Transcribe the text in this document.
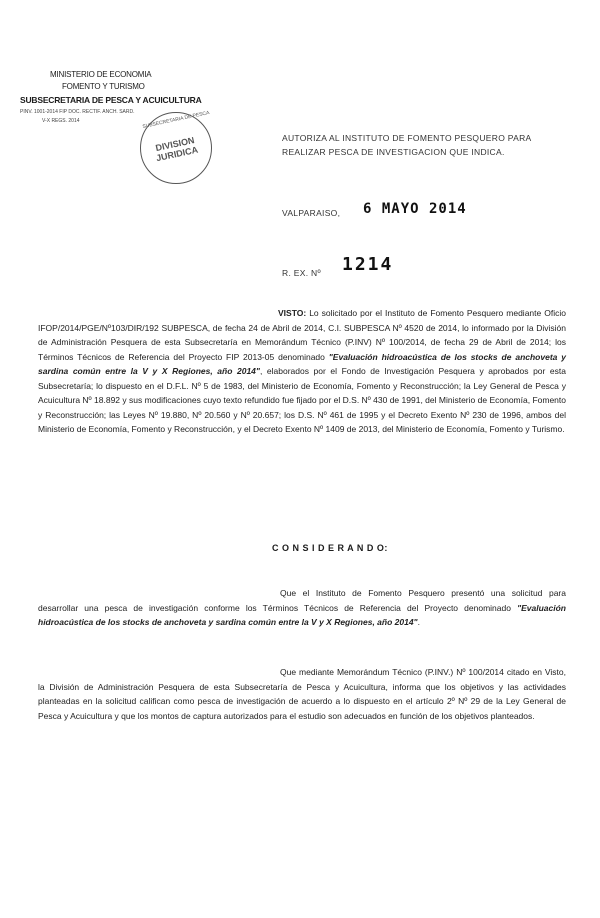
MINISTERIO DE ECONOMIA
FOMENTO Y TURISMO
SUBSECRETARIA DE PESCA Y ACUICULTURA
PINV. 1001-2014 FIP DOC. RECTIF. ANCH. SARD.
V-X REGS. 2014
DIVISION JURIDICA
SUBSECRETARIA DE PESCA
AUTORIZA AL INSTITUTO DE FOMENTO PESQUERO PARA
REALIZAR PESCA DE INVESTIGACION QUE INDICA.
VALPARAISO, 6 MAYO 2014
R. EX. Nº 1214
VISTO: Lo solicitado por el Instituto de Fomento Pesquero mediante Oficio IFOP/2014/PGE/Nº103/DIR/192 SUBPESCA, de fecha 24 de Abril de 2014, C.I. SUBPESCA Nº 4520 de 2014, lo informado por la División de Administración Pesquera de esta Subsecretaría en Memorándum Técnico (P.INV) Nº 100/2014, de fecha 29 de Abril de 2014; los Términos Técnicos de Referencia del Proyecto FIP 2013-05 denominado "Evaluación hidroacústica de los stocks de anchoveta y sardina común entre la V y X Regiones, año 2014", elaborados por el Fondo de Investigación Pesquera y aprobados por esta Subsecretaría; lo dispuesto en el D.F.L. Nº 5 de 1983, del Ministerio de Economía, Fomento y Reconstrucción; la Ley General de Pesca y Acuicultura Nº 18.892 y sus modificaciones cuyo texto refundido fue fijado por el D.S. Nº 430 de 1991, del Ministerio de Economía, Fomento y Reconstrucción; las Leyes Nº 19.880, Nº 20.560 y Nº 20.657; los D.S. Nº 461 de 1995 y el Decreto Exento Nº 230 de 1996, ambos del Ministerio de Economía, Fomento y Reconstrucción, y el Decreto Exento Nº 1409 de 2013, del Ministerio de Economía, Fomento y Turismo.
C O N S I D E R A N D O:
Que el Instituto de Fomento Pesquero presentó una solicitud para desarrollar una pesca de investigación conforme los Términos Técnicos de Referencia del Proyecto denominado "Evaluación hidroacústica de los stocks de anchoveta y sardina común entre la V y X Regiones, año 2014".
Que mediante Memorándum Técnico (P.INV.) Nº 100/2014 citado en Visto, la División de Administración Pesquera de esta Subsecretaría de Pesca y Acuicultura, informa que los objetivos y las actividades planteadas en la solicitud califican como pesca de investigación de acuerdo a lo dispuesto en el artículo 2º Nº 29 de la Ley General de Pesca y Acuicultura y que los montos de captura autorizados para el estudio son adecuados en función de los objetivos planteados.
